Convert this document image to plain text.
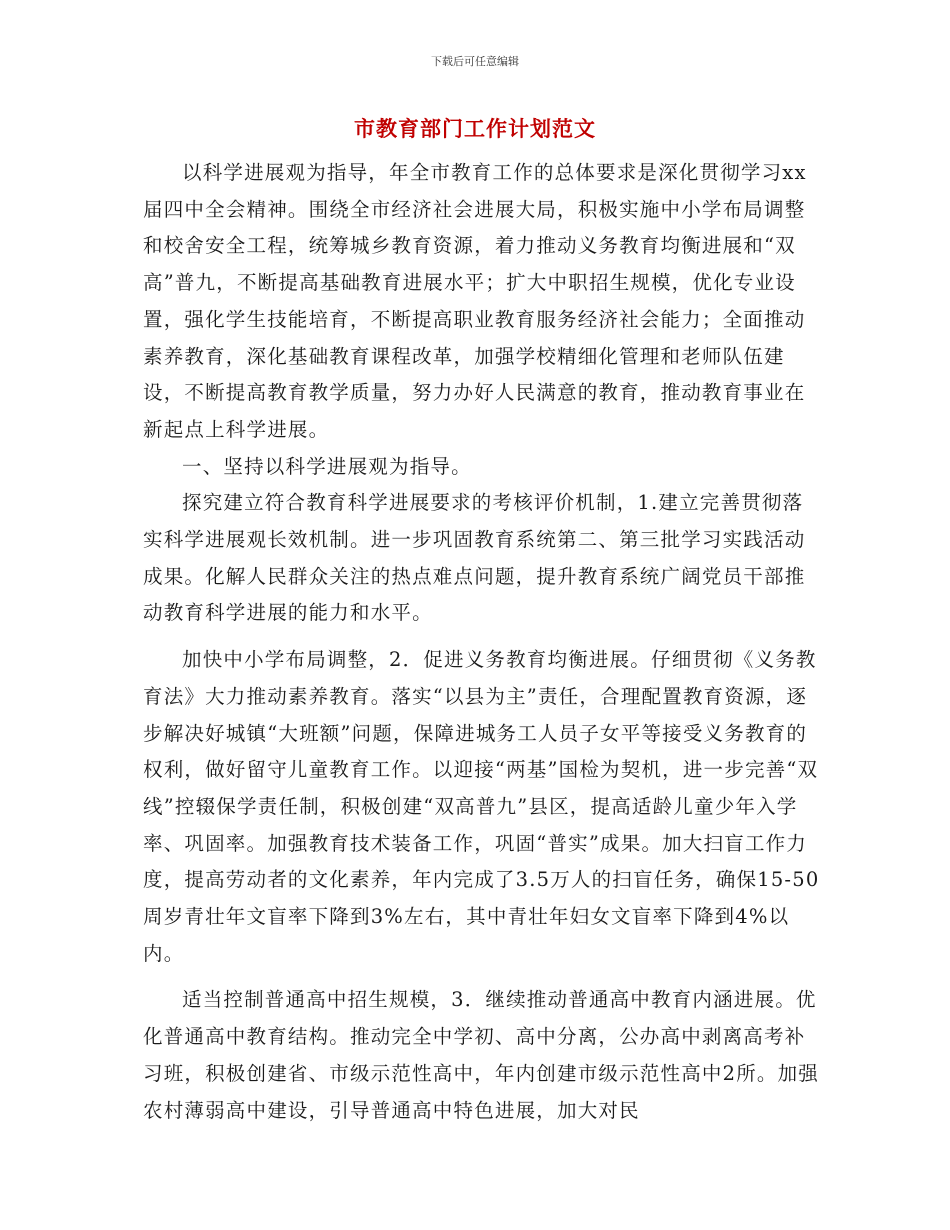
下载后可任意编辑
市教育部门工作计划范文

以科学进展观为指导，年全市教育工作的总体要求是深化贯彻学习xx届四中全会精神。围绕全市经济社会进展大局，积极实施中小学布局调整和校舍安全工程，统筹城乡教育资源，着力推动义务教育均衡进展和“双高”普九，不断提高基础教育进展水平；扩大中职招生规模，优化专业设置，强化学生技能培育，不断提高职业教育服务经济社会能力；全面推动素养教育，深化基础教育课程改革，加强学校精细化管理和老师队伍建设，不断提高教育教学质量，努力办好人民满意的教育，推动教育事业在新起点上科学进展。

一、坚持以科学进展观为指导。

探究建立符合教育科学进展要求的考核评价机制，1.建立完善贯彻落实科学进展观长效机制。进一步巩固教育系统第二、第三批学习实践活动成果。化解人民群众关注的热点难点问题，提升教育系统广阔党员干部推动教育科学进展的能力和水平。

加快中小学布局调整，2．促进义务教育均衡进展。仔细贯彻《义务教育法》大力推动素养教育。落实“以县为主”责任，合理配置教育资源，逐步解决好城镇“大班额”问题，保障进城务工人员子女平等接受义务教育的权利，做好留守儿童教育工作。以迎接“两基”国检为契机，进一步完善“双线”控辍保学责任制，积极创建“双高普九”县区，提高适龄儿童少年入学率、巩固率。加强教育技术装备工作，巩固“普实”成果。加大扫盲工作力度，提高劳动者的文化素养，年内完成了3.5万人的扫盲任务，确保15-50周岁青壮年文盲率下降到3%左右，其中青壮年妇女文盲率下降到4%以内。

适当控制普通高中招生规模，3．继续推动普通高中教育内涵进展。优化普通高中教育结构。推动完全中学初、高中分离，公办高中剥离高考补习班，积极创建省、市级示范性高中，年内创建市级示范性高中2所。加强农村薄弱高中建设，引导普通高中特色进展，加大对民
